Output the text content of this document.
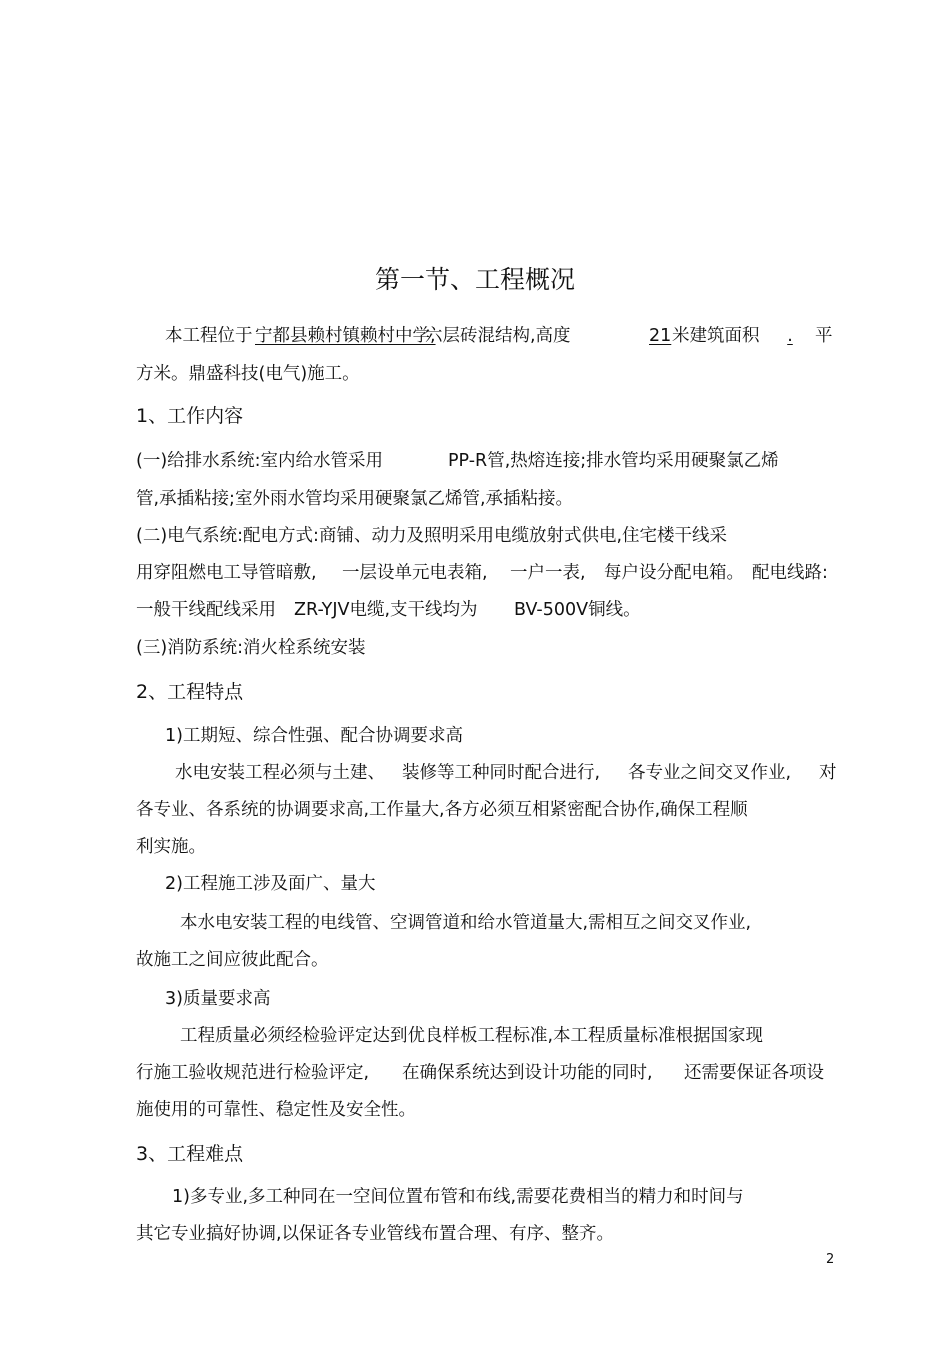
第一节、工程概况
本工程位于 宁都县赖村镇赖村中学,
六层砖混结构,高度	21 米建筑面积	.	平
方米。鼎盛科技(电气)施工。
1、工作内容
(一)给排水系统:室内给水管采用	PP-R管,热熔连接;排水管均采用硬聚氯乙烯
管,承插粘接;室外雨水管均采用硬聚氯乙烯管,承插粘接。
(二)电气系统:配电方式:商铺、动力及照明采用电缆放射式供电,住宅楼干线采
用穿阻燃电工导管暗敷, 一层设单元电表箱, 一户一表, 每户设分配电箱。 配电线路:
一般干线配线采用 ZR-YJV电缆,支干线均为 BV-500V铜线。
(三)消防系统:消火栓系统安装
2、工程特点
1)工期短、综合性强、配合协调要求高
水电安装工程必须与土建、 装修等工种同时配合进行, 各专业之间交叉作业, 对
各专业、各系统的协调要求高,工作量大,各方必须互相紧密配合协作,确保工程顺
利实施。
2)工程施工涉及面广、量大
本水电安装工程的电线管、空调管道和给水管道量大,需相互之间交叉作业,
故施工之间应彼此配合。
3)质量要求高
工程质量必须经检验评定达到优良样板工程标准,本工程质量标准根据国家现
行施工验收规范进行检验评定, 在确保系统达到设计功能的同时, 还需要保证各项设
施使用的可靠性、稳定性及安全性。
3、工程难点
1)多专业,多工种同在一空间位置布管和布线,需要花费相当的精力和时间与
其它专业搞好协调,以保证各专业管线布置合理、有序、整齐。
2
